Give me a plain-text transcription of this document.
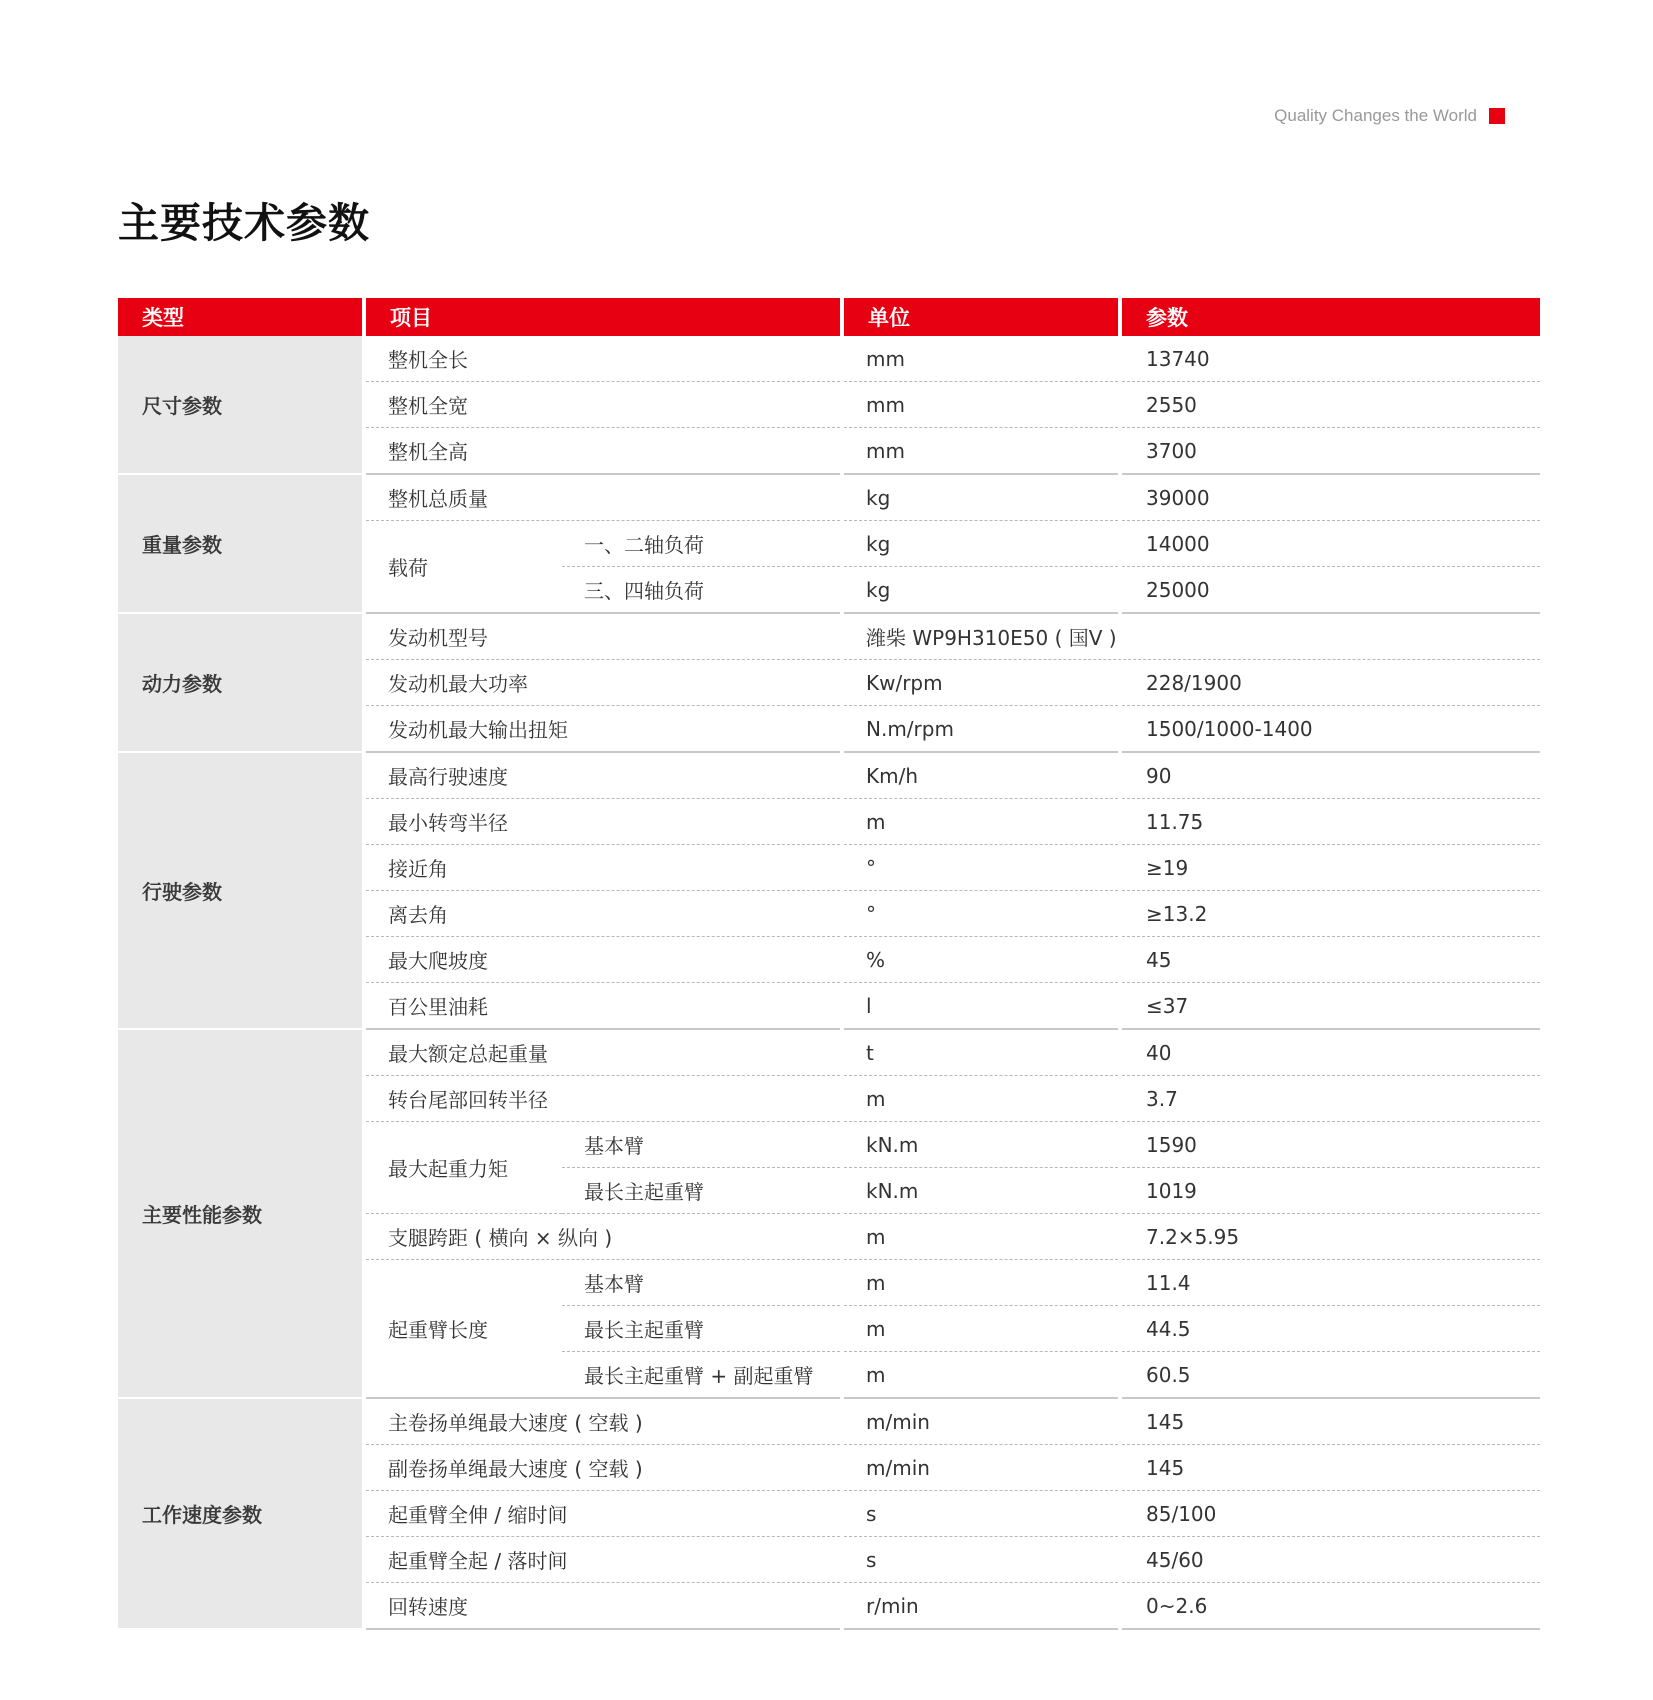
Quality Changes the World
主要技术参数
类型		项目			单位		参数
尺寸参数		整机全长			mm		13740
		整机全宽			mm		2550
		整机全高			mm		3700
重量参数		整机总质量			kg		39000
		载荷	一、二轴负荷		kg		14000
			三、四轴负荷		kg		25000
动力参数		发动机型号			潍柴 WP9H310E50 ( 国Ⅴ )		
		发动机最大功率			Kw/rpm		228/1900
		发动机最大输出扭矩			N.m/rpm		1500/1000-1400
行驶参数		最高行驶速度			Km/h		90
		最小转弯半径			m		11.75
		接近角			°		≥19
		离去角			°		≥13.2
		最大爬坡度			%		45
		百公里油耗			l		≤37
主要性能参数		最大额定总起重量			t		40
		转台尾部回转半径			m		3.7
		最大起重力矩	基本臂		kN.m		1590
			最长主起重臂		kN.m		1019
		支腿跨距 ( 横向 × 纵向 )			m		7.2×5.95
		起重臂长度	基本臂		m		11.4
			最长主起重臂		m		44.5
			最长主起重臂 + 副起重臂		m		60.5
工作速度参数		主卷扬单绳最大速度 ( 空载 )			m/min		145
		副卷扬单绳最大速度 ( 空载 )			m/min		145
		起重臂全伸 / 缩时间			s		85/100
		起重臂全起 / 落时间			s		45/60
		回转速度			r/min		0~2.6
